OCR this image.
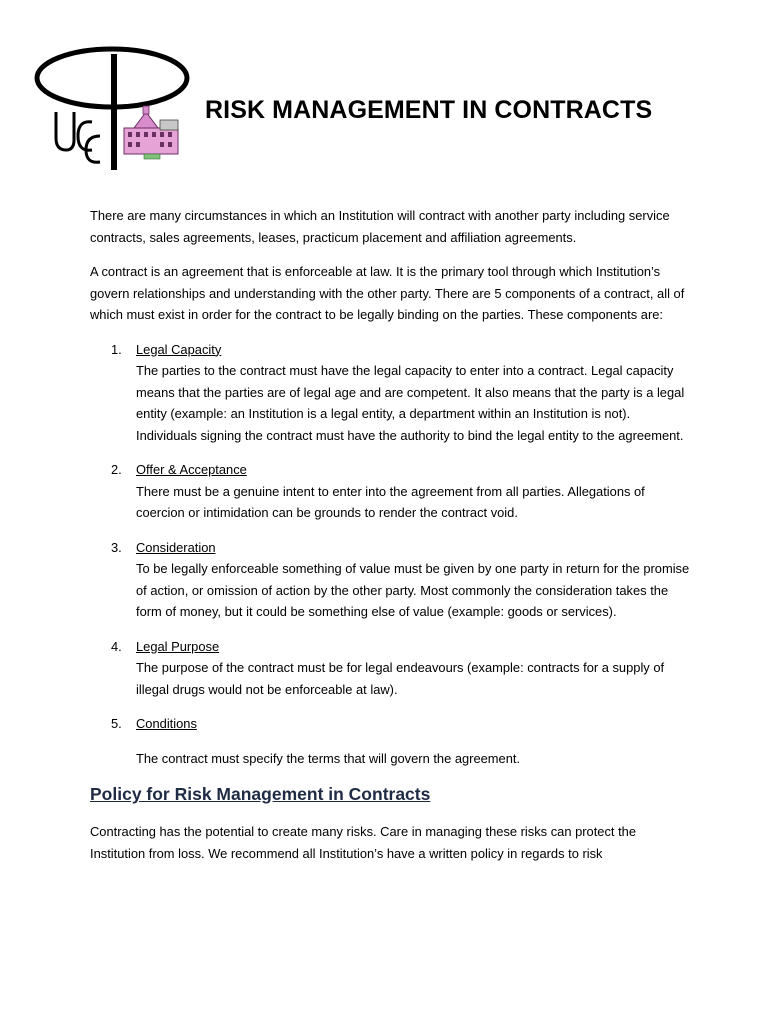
RISK MANAGEMENT IN CONTRACTS

There are many circumstances in which an Institution will contract with another party including service contracts, sales agreements, leases, practicum placement and affiliation agreements.

A contract is an agreement that is enforceable at law. It is the primary tool through which Institution’s govern relationships and understanding with the other party. There are 5 components of a contract, all of which must exist in order for the contract to be legally binding on the parties. These components are:

1. Legal Capacity
The parties to the contract must have the legal capacity to enter into a contract. Legal capacity means that the parties are of legal age and are competent. It also means that the party is a legal entity (example: an Institution is a legal entity, a department within an Institution is not). Individuals signing the contract must have the authority to bind the legal entity to the agreement.
2. Offer & Acceptance
There must be a genuine intent to enter into the agreement from all parties. Allegations of coercion or intimidation can be grounds to render the contract void.
3. Consideration
To be legally enforceable something of value must be given by one party in return for the promise of action, or omission of action by the other party. Most commonly the consideration takes the form of money, but it could be something else of value (example: goods or services).
4. Legal Purpose
The purpose of the contract must be for legal endeavours (example: contracts for a supply of illegal drugs would not be enforceable at law).
5. Conditions
The contract must specify the terms that will govern the agreement.
Policy for Risk Management in Contracts

Contracting has the potential to create many risks. Care in managing these risks can protect the Institution from loss. We recommend all Institution’s have a written policy in regards to risk
